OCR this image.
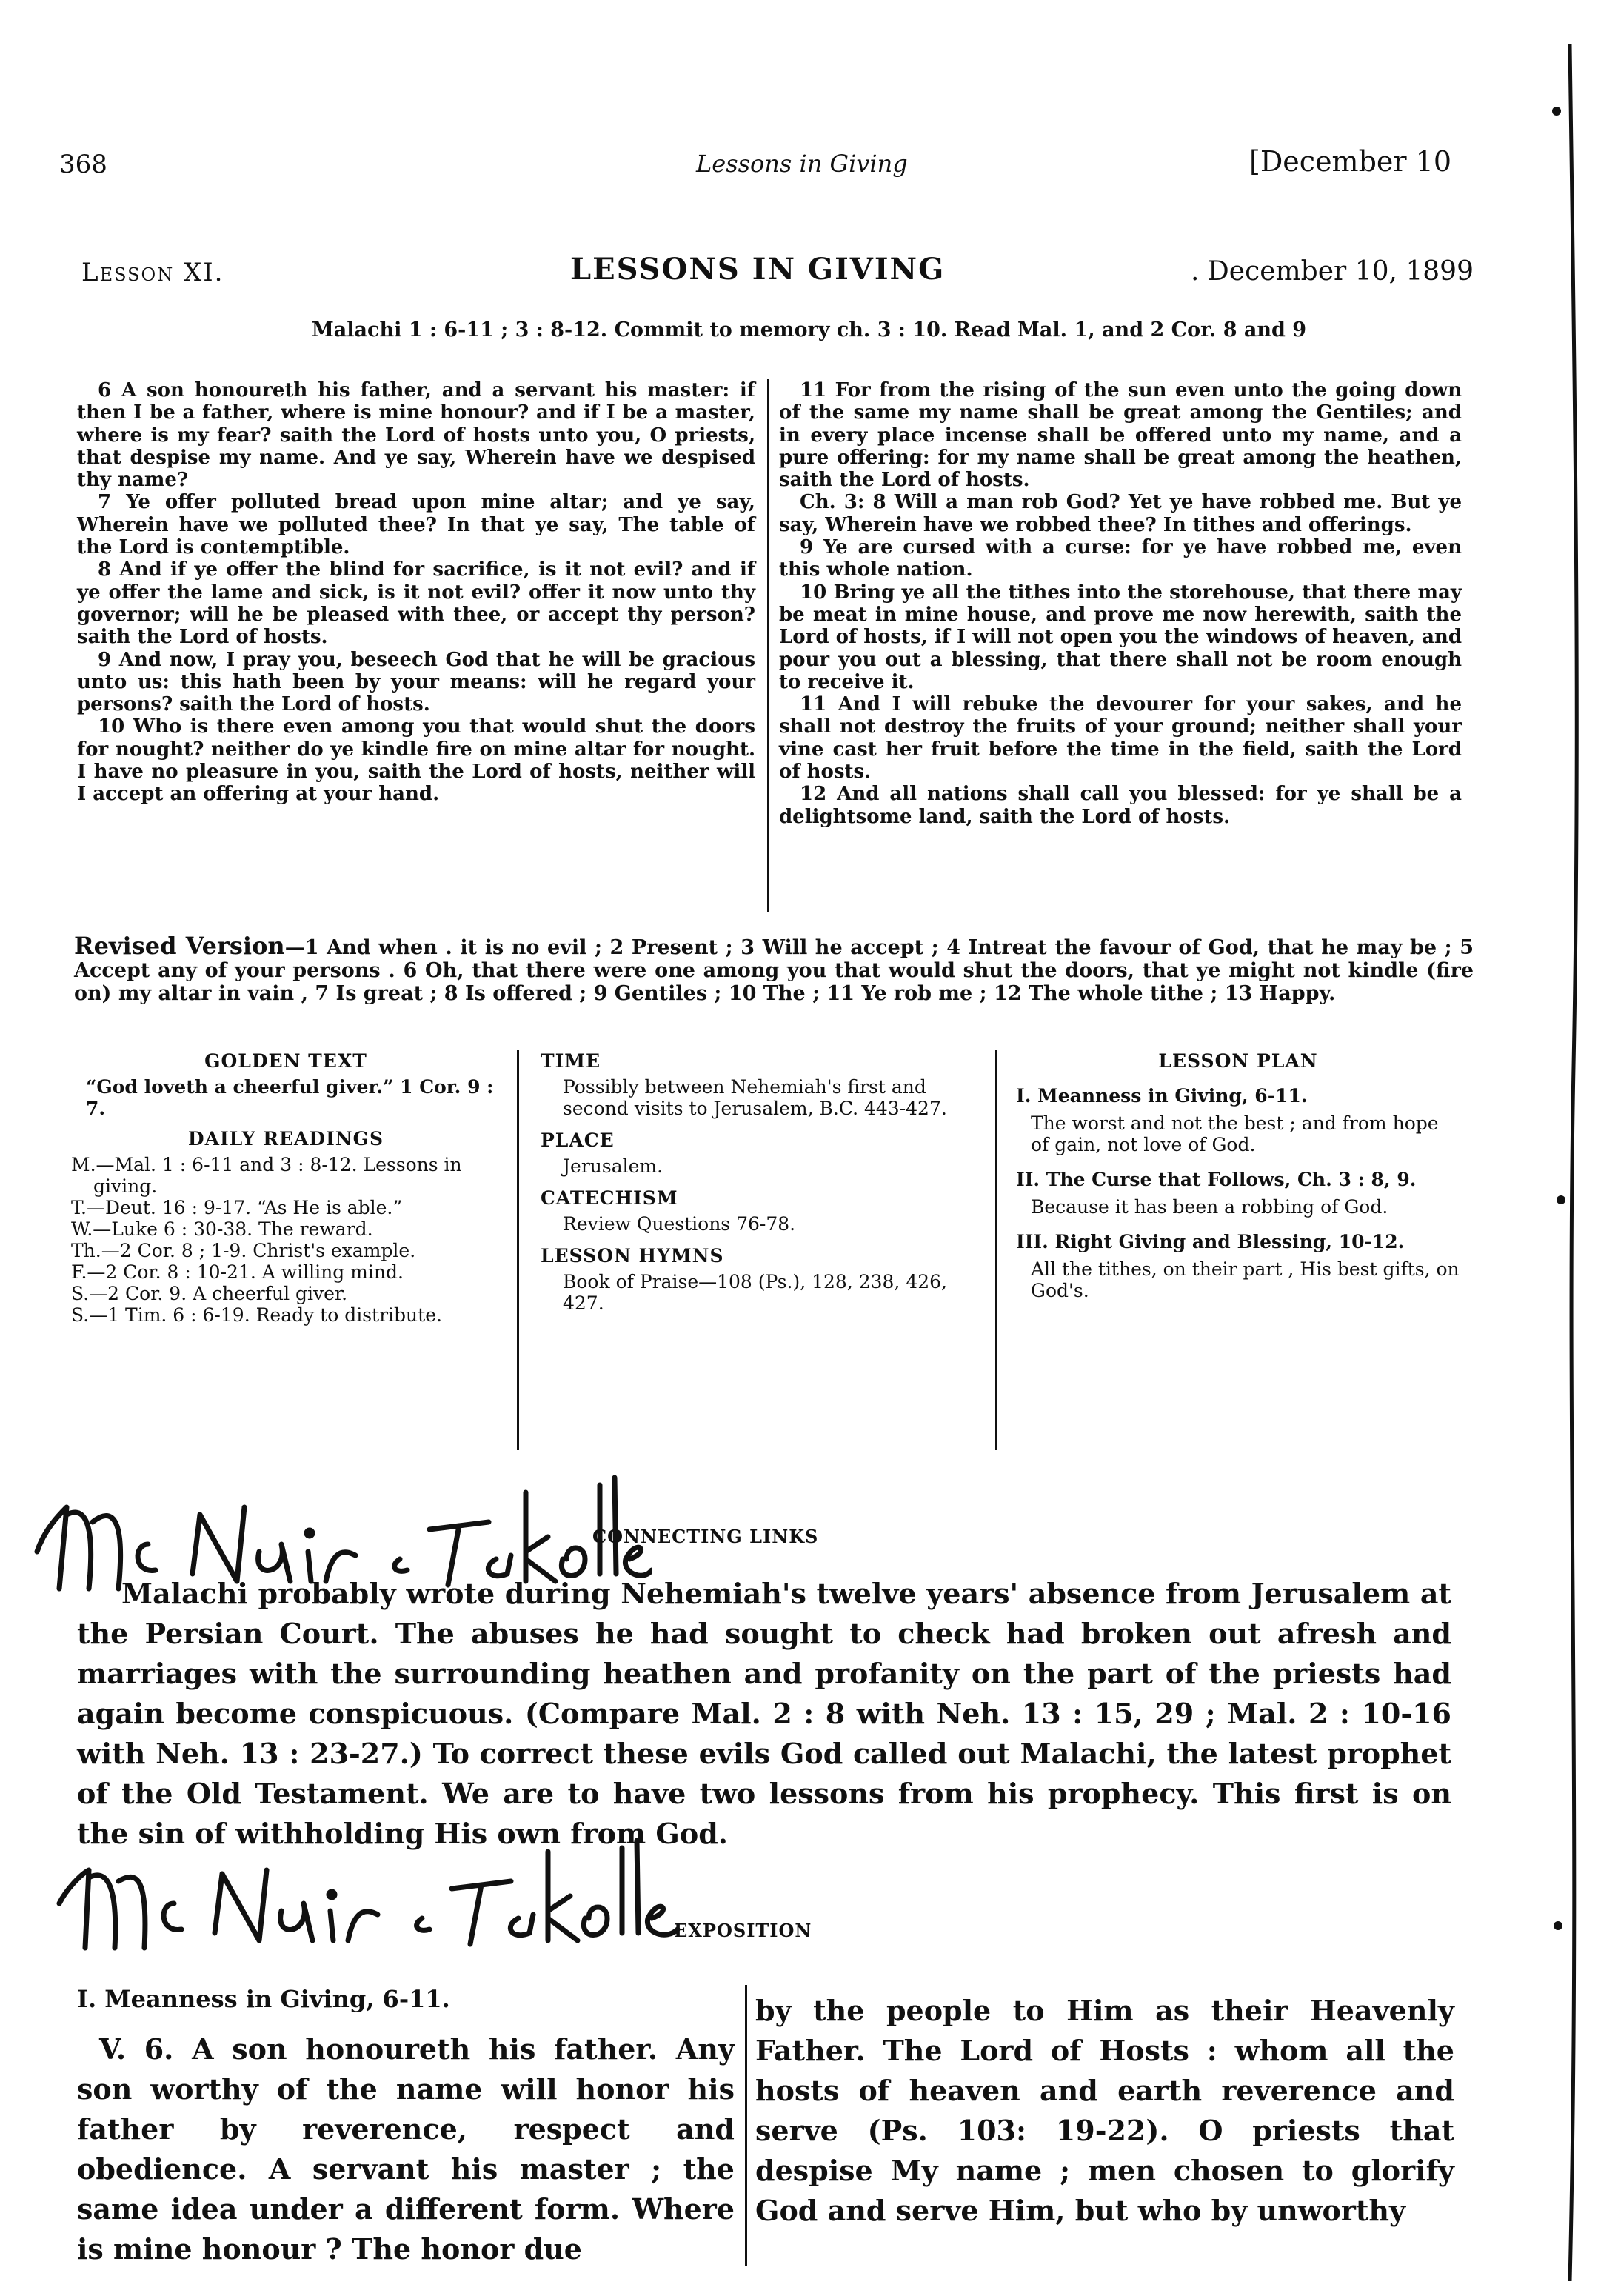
368	Lessons in Giving	[December 10
Lesson XI.	LESSONS IN GIVING	. December 10, 1899
Malachi 1 : 6-11 ; 3 : 8-12. Commit to memory ch. 3 : 10. Read Mal. 1, and 2 Cor. 8 and 9

6 A son honoureth his father, and a servant his master: if then I be a father, where is mine honour? and if I be a master, where is my fear? saith the Lord of hosts unto you, O priests, that despise my name. And ye say, Wherein have we despised thy name?

7 Ye offer polluted bread upon mine altar; and ye say, Wherein have we polluted thee? In that ye say, The table of the Lord is contemptible.

8 And if ye offer the blind for sacrifice, is it not evil? and if ye offer the lame and sick, is it not evil? offer it now unto thy governor; will he be pleased with thee, or accept thy person? saith the Lord of hosts.

9 And now, I pray you, beseech God that he will be gracious unto us: this hath been by your means: will he regard your persons? saith the Lord of hosts.

10 Who is there even among you that would shut the doors for nought? neither do ye kindle fire on mine altar for nought. I have no pleasure in you, saith the Lord of hosts, neither will I accept an offering at your hand.

11 For from the rising of the sun even unto the going down of the same my name shall be great among the Gentiles; and in every place incense shall be offered unto my name, and a pure offering: for my name shall be great among the heathen, saith the Lord of hosts.

Ch. 3: 8 Will a man rob God? Yet ye have robbed me. But ye say, Wherein have we robbed thee? In tithes and offerings.

9 Ye are cursed with a curse: for ye have robbed me, even this whole nation.

10 Bring ye all the tithes into the storehouse, that there may be meat in mine house, and prove me now herewith, saith the Lord of hosts, if I will not open you the windows of heaven, and pour you out a blessing, that there shall not be room enough to receive it.

11 And I will rebuke the devourer for your sakes, and he shall not destroy the fruits of your ground; neither shall your vine cast her fruit before the time in the field, saith the Lord of hosts.

12 And all nations shall call you blessed: for ye shall be a delightsome land, saith the Lord of hosts.

Revised Version—1 And when . it is no evil ; 2 Present ; 3 Will he accept ; 4 Intreat the favour of God, that he may be ; 5 Accept any of your persons . 6 Oh, that there were one among you that would shut the doors, that ye might not kindle (fire on) my altar in vain , 7 Is great ; 8 Is offered ; 9 Gentiles ; 10 The ; 11 Ye rob me ; 12 The whole tithe ; 13 Happy.
GOLDEN TEXT
“God loveth a cheerful giver.” 1 Cor. 9 : 7.
DAILY READINGS

M.—Mal. 1 : 6-11 and 3 : 8-12. Lessons in giving.

T.—Deut. 16 : 9-17. “As He is able.”

W.—Luke 6 : 30-38. The reward.

Th.—2 Cor. 8 ; 1-9. Christ's example.

F.—2 Cor. 8 : 10-21. A willing mind.

S.—2 Cor. 9. A cheerful giver.

S.—1 Tim. 6 : 6-19. Ready to distribute.

TIME
Possibly between Nehemiah's first and second visits to Jerusalem, B.C. 443-427.
PLACE
Jerusalem.
CATECHISM
Review Questions 76-78.
LESSON HYMNS
Book of Praise—108 (Ps.), 128, 238, 426, 427.
LESSON PLAN
I. Meanness in Giving, 6-11.
The worst and not the best ; and from hope of gain, not love of God.
II. The Curse that Follows, Ch. 3 : 8, 9.
Because it has been a robbing of God.
III. Right Giving and Blessing, 10-12.
All the tithes, on their part , His best gifts, on God's.
CONNECTING LINKS

Malachi probably wrote during Nehemiah's twelve years' absence from Jerusalem at the Persian Court. The abuses he had sought to check had broken out afresh and marriages with the surrounding heathen and profanity on the part of the priests had again become conspicuous. (Compare Mal. 2 : 8 with Neh. 13 : 15, 29 ; Mal. 2 : 10-16 with Neh. 13 : 23-27.) To correct these evils God called out Malachi, the latest prophet of the Old Testament. We are to have two lessons from his prophecy. This first is on the sin of withholding His own from God.

EXPOSITION
I. Meanness in Giving, 6-11.

V. 6. A son honoureth his father. Any son worthy of the name will honor his father by reverence, respect and obedience. A servant his master ; the same idea under a different form. Where is mine honour ? The honor due

by the people to Him as their Heavenly Father. The Lord of Hosts : whom all the hosts of heaven and earth reverence and serve (Ps. 103: 19-22). O priests that despise My name ; men chosen to glorify God and serve Him, but who by unworthy
